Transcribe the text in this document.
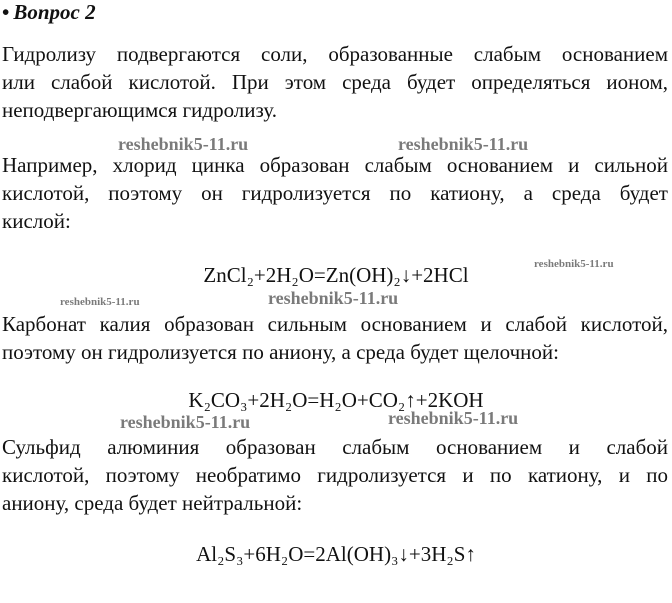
• Вопрос 2
Гидролизу подвергаются соли, образованные слабым основанием
или слабой кислотой. При этом среда будет определяться ионом,
неподвергающимся гидролизу.
Например, хлорид цинка образован слабым основанием и сильной
кислотой, поэтому он гидролизуется по катиону, а среда будет
кислой:
ZnCl₂+2H₂O=Zn(OH)₂↓+2HCl
Карбонат калия образован сильным основанием и слабой кислотой,
поэтому он гидролизуется по аниону, а среда будет щелочной:
K₂CO₃+2H₂O=H₂O+CO₂↑+2KOH
Сульфид алюминия образован слабым основанием и слабой
кислотой, поэтому необратимо гидролизуется и по катиону, и по
аниону, среда будет нейтральной:
Al₂S₃+6H₂O=2Al(OH)₃↓+3H₂S↑
reshebnik5-11.ru	reshebnik5-11.ru
reshebnik5-11.ru
reshebnik5-11.ru	reshebnik5-11.ru
reshebnik5-11.ru	reshebnik5-11.ru
